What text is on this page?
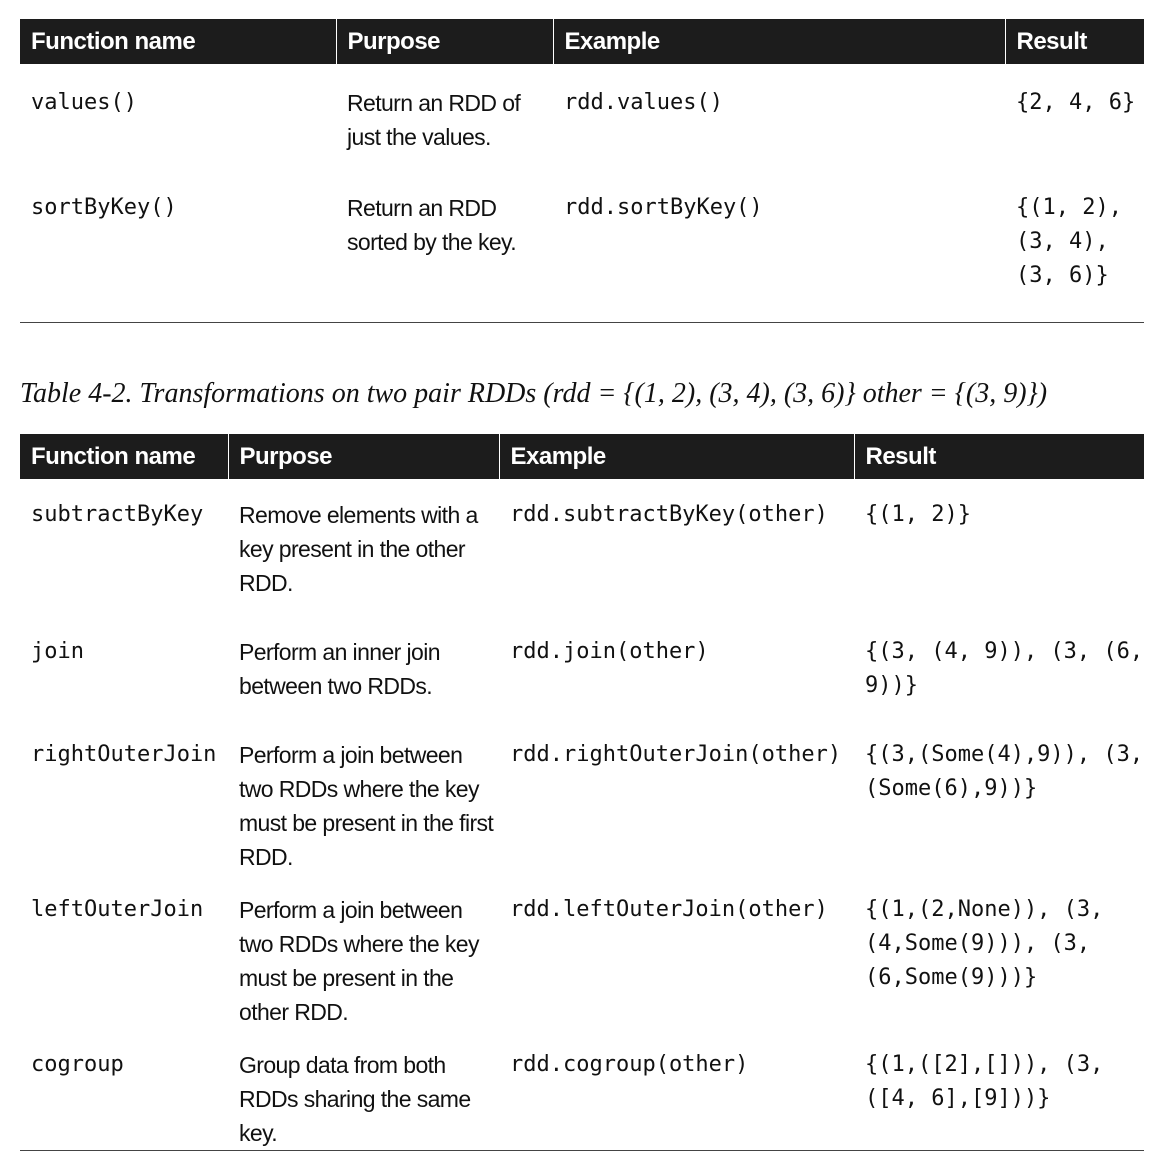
Function name	Purpose	Example	Result
values()	Return an RDD of just the values.	rdd.values()	{2, 4, 6}
sortByKey()	Return an RDD sorted by the key.	rdd.sortByKey()	{(1, 2), (3, 4), (3, 6)}

Table 4-2. Transformations on two pair RDDs (rdd = {(1, 2), (3, 4), (3, 6)} other = {(3, 9)})

Function name	Purpose	Example	Result
subtractByKey	Remove elements with a key present in the other RDD.	rdd.subtractByKey(other)	{(1, 2)}
join	Perform an inner join between two RDDs.	rdd.join(other)	{(3, (4, 9)), (3, (6, 9))}
rightOuterJoin	Perform a join between two RDDs where the key must be present in the first RDD.	rdd.rightOuterJoin(other)	{(3,(Some(4),9)), (3,(Some(6),9))}
leftOuterJoin	Perform a join between two RDDs where the key must be present in the other RDD.	rdd.leftOuterJoin(other)	{(1,(2,None)), (3, (4,Some(9))), (3, (6,Some(9)))}
cogroup	Group data from both RDDs sharing the same key.	rdd.cogroup(other)	{(1,([2],[])), (3, ([4, 6],[9]))}
